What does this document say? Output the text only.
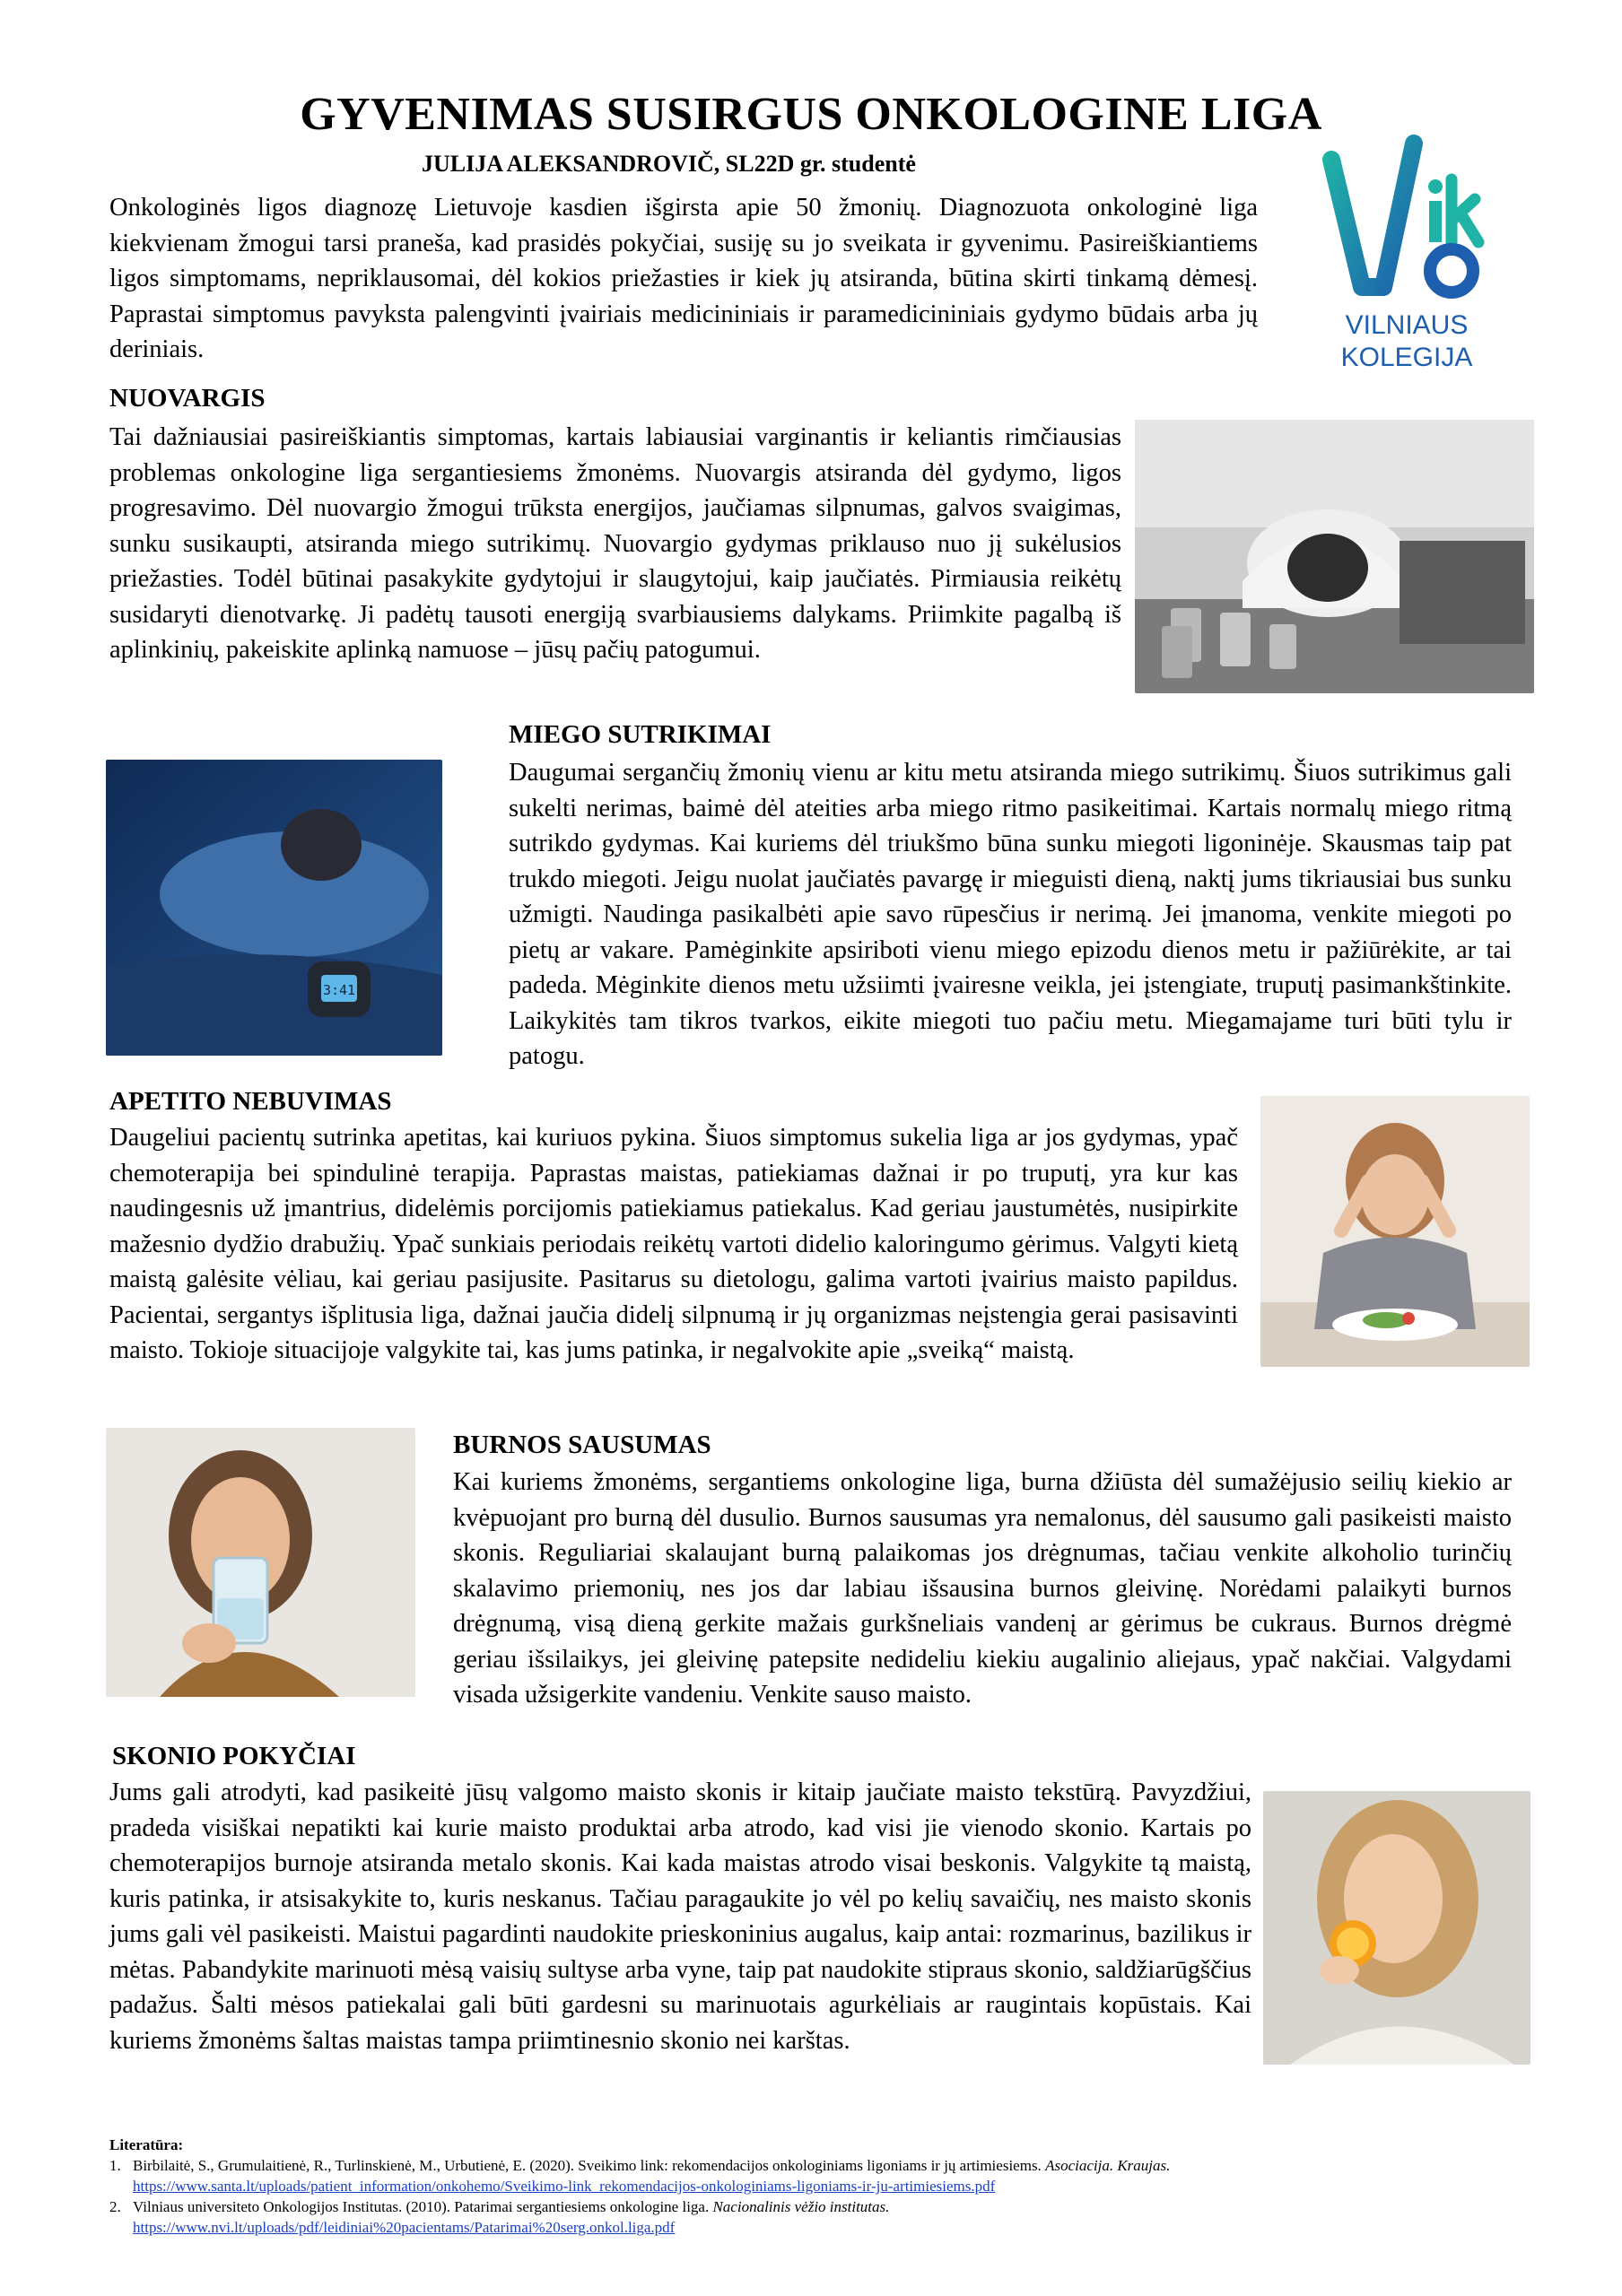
GYVENIMAS SUSIRGUS ONKOLOGINE LIGA
JULIJA ALEKSANDROVIČ, SL22D gr. studentė
VILNIAUS
KOLEGIJA

Onkologinės ligos diagnozę Lietuvoje kasdien išgirsta apie 50 žmonių. Diagnozuota onkologinė liga kiekvienam žmogui tarsi praneša, kad prasidės pokyčiai, susiję su jo sveikata ir gyvenimu. Pasireiškiantiems ligos simptomams, nepriklausomai, dėl kokios priežasties ir kiek jų atsiranda, būtina skirti tinkamą dėmesį. Paprastai simptomus pavyksta palengvinti įvairiais medicininiais ir paramedicininiais gydymo būdais arba jų deriniais.

NUOVARGIS

Tai dažniausiai pasireiškiantis simptomas, kartais labiausiai varginantis ir keliantis rimčiausias problemas onkologine liga sergantiesiems žmonėms. Nuovargis atsiranda dėl gydymo, ligos progresavimo. Dėl nuovargio žmogui trūksta energijos, jaučiamas silpnumas, galvos svaigimas, sunku susikaupti, atsiranda miego sutrikimų. Nuovargio gydymas priklauso nuo jį sukėlusios priežasties. Todėl būtinai pasakykite gydytojui ir slaugytojui, kaip jaučiatės. Pirmiausia reikėtų susidaryti dienotvarkę. Ji padėtų tausoti energiją svarbiausiems dalykams. Priimkite pagalbą iš aplinkinių, pakeiskite aplinką namuose – jūsų pačių patogumui.

3:41
MIEGO SUTRIKIMAI

Daugumai sergančių žmonių vienu ar kitu metu atsiranda miego sutrikimų. Šiuos sutrikimus gali sukelti nerimas, baimė dėl ateities arba miego ritmo pasikeitimai. Kartais normalų miego ritmą sutrikdo gydymas. Kai kuriems dėl triukšmo būna sunku miegoti ligoninėje. Skausmas taip pat trukdo miegoti. Jeigu nuolat jaučiatės pavargę ir mieguisti dieną, naktį jums tikriausiai bus sunku užmigti. Naudinga pasikalbėti apie savo rūpesčius ir nerimą. Jei įmanoma, venkite miegoti po pietų ar vakare. Pamėginkite apsiriboti vienu miego epizodu dienos metu ir pažiūrėkite, ar tai padeda. Mėginkite dienos metu užsiimti įvairesne veikla, jei įstengiate, truputį pasimankštinkite. Laikykitės tam tikros tvarkos, eikite miegoti tuo pačiu metu. Miegamajame turi būti tylu ir patogu.

APETITO NEBUVIMAS

Daugeliui pacientų sutrinka apetitas, kai kuriuos pykina. Šiuos simptomus sukelia liga ar jos gydymas, ypač chemoterapija bei spindulinė terapija. Paprastas maistas, patiekiamas dažnai ir po truputį, yra kur kas naudingesnis už įmantrius, didelėmis porcijomis patiekiamus patiekalus. Kad geriau jaustumėtės, nusipirkite mažesnio dydžio drabužių. Ypač sunkiais periodais reikėtų vartoti didelio kaloringumo gėrimus. Valgyti kietą maistą galėsite vėliau, kai geriau pasijusite. Pasitarus su dietologu, galima vartoti įvairius maisto papildus. Pacientai, sergantys išplitusia liga, dažnai jaučia didelį silpnumą ir jų organizmas neįstengia gerai pasisavinti maisto. Tokioje situacijoje valgykite tai, kas jums patinka, ir negalvokite apie „sveiką“ maistą.

BURNOS SAUSUMAS

Kai kuriems žmonėms, sergantiems onkologine liga, burna džiūsta dėl sumažėjusio seilių kiekio ar kvėpuojant pro burną dėl dusulio. Burnos sausumas yra nemalonus, dėl sausumo gali pasikeisti maisto skonis. Reguliariai skalaujant burną palaikomas jos drėgnumas, tačiau venkite alkoholio turinčių skalavimo priemonių, nes jos dar labiau išsausina burnos gleivinę. Norėdami palaikyti burnos drėgnumą, visą dieną gerkite mažais gurkšneliais vandenį ar gėrimus be cukraus. Burnos drėgmė geriau išsilaikys, jei gleivinę patepsite nedideliu kiekiu augalinio aliejaus, ypač nakčiai. Valgydami visada užsigerkite vandeniu. Venkite sauso maisto.

SKONIO POKYČIAI

Jums gali atrodyti, kad pasikeitė jūsų valgomo maisto skonis ir kitaip jaučiate maisto tekstūrą. Pavyzdžiui, pradeda visiškai nepatikti kai kurie maisto produktai arba atrodo, kad visi jie vienodo skonio. Kartais po chemoterapijos burnoje atsiranda metalo skonis. Kai kada maistas atrodo visai beskonis. Valgykite tą maistą, kuris patinka, ir atsisakykite to, kuris neskanus. Tačiau paragaukite jo vėl po kelių savaičių, nes maisto skonis jums gali vėl pasikeisti. Maistui pagardinti naudokite prieskoninius augalus, kaip antai: rozmarinus, bazilikus ir mėtas. Pabandykite marinuoti mėsą vaisių sultyse arba vyne, taip pat naudokite stipraus skonio, saldžiarūgščius padažus. Šalti mėsos patiekalai gali būti gardesni su marinuotais agurkėliais ar raugintais kopūstais. Kai kuriems žmonėms šaltas maistas tampa priimtinesnio skonio nei karštas.

Literatūra:
1. Birbilaitė, S., Grumulaitienė, R., Turlinskienė, M., Urbutienė, E. (2020). Sveikimo link: rekomendacijos onkologiniams ligoniams ir jų artimiesiems. Asociacija. Kraujas.
https://www.santa.lt/uploads/patient_information/onkohemo/Sveikimo-link_rekomendacijos-onkologiniams-ligoniams-ir-ju-artimiesiems.pdf
2. Vilniaus universiteto Onkologijos Institutas. (2010). Patarimai sergantiesiems onkologine liga. Nacionalinis vėžio institutas.
https://www.nvi.lt/uploads/pdf/leidiniai%20pacientams/Patarimai%20serg.onkol.liga.pdf
